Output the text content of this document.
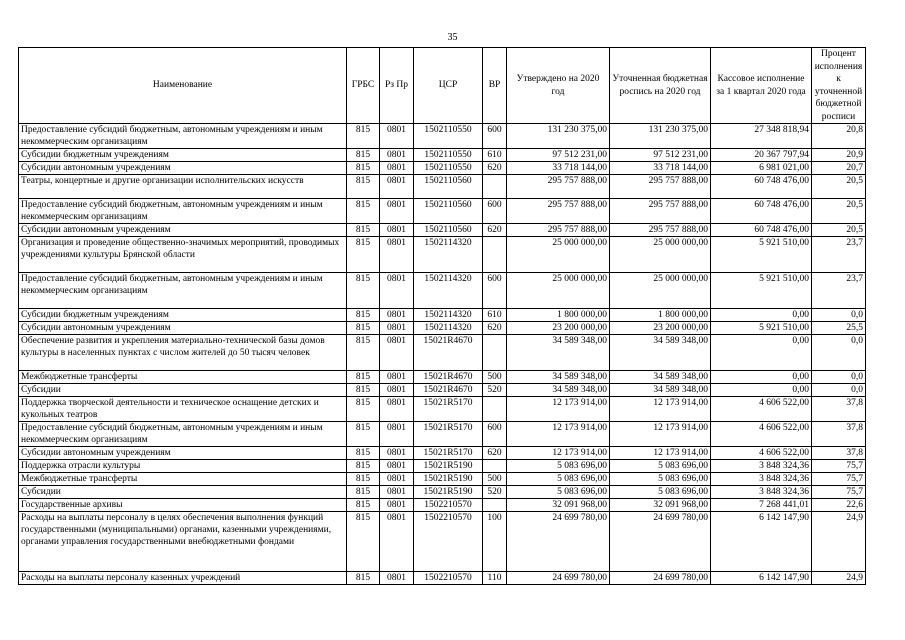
35
Наименование	ГРБС	Рз Пр	ЦСР	ВР	Утверждено на 2020 год	Уточненная бюджетная роспись на 2020 год	Кассовое исполнение за 1 квартал 2020 года	Процент исполнения к уточненной бюджетной росписи
Предоставление субсидий бюджетным, автономным учреждениям и иным некоммерческим организациям	815	0801	1502110550	600	131 230 375,00	131 230 375,00	27 348 818,94	20,8
Субсидии бюджетным учреждениям	815	0801	1502110550	610	97 512 231,00	97 512 231,00	20 367 797,94	20,9
Субсидии автономным учреждениям	815	0801	1502110550	620	33 718 144,00	33 718 144,00	6 981 021,00	20,7
Театры, концертные и другие организации исполнительских искусств	815	0801	1502110560		295 757 888,00	295 757 888,00	60 748 476,00	20,5
Предоставление субсидий бюджетным, автономным учреждениям и иным некоммерческим организациям	815	0801	1502110560	600	295 757 888,00	295 757 888,00	60 748 476,00	20,5
Субсидии автономным учреждениям	815	0801	1502110560	620	295 757 888,00	295 757 888,00	60 748 476,00	20,5
Организация и проведение общественно-значимых мероприятий, проводимых учреждениями культуры Брянской области	815	0801	1502114320		25 000 000,00	25 000 000,00	5 921 510,00	23,7
Предоставление субсидий бюджетным, автономным учреждениям и иным некоммерческим организациям	815	0801	1502114320	600	25 000 000,00	25 000 000,00	5 921 510,00	23,7
Субсидии бюджетным учреждениям	815	0801	1502114320	610	1 800 000,00	1 800 000,00	0,00	0,0
Субсидии автономным учреждениям	815	0801	1502114320	620	23 200 000,00	23 200 000,00	5 921 510,00	25,5
Обеспечение развития и укрепления материально-технической базы домов культуры в населенных пунктах с числом жителей до 50 тысяч человек	815	0801	15021R4670		34 589 348,00	34 589 348,00	0,00	0,0
Межбюджетные трансферты	815	0801	15021R4670	500	34 589 348,00	34 589 348,00	0,00	0,0
Субсидии	815	0801	15021R4670	520	34 589 348,00	34 589 348,00	0,00	0,0
Поддержка творческой деятельности и техническое оснащение детских и кукольных театров	815	0801	15021R5170		12 173 914,00	12 173 914,00	4 606 522,00	37,8
Предоставление субсидий бюджетным, автономным учреждениям и иным некоммерческим организациям	815	0801	15021R5170	600	12 173 914,00	12 173 914,00	4 606 522,00	37,8
Субсидии автономным учреждениям	815	0801	15021R5170	620	12 173 914,00	12 173 914,00	4 606 522,00	37,8
Поддержка отрасли культуры	815	0801	15021R5190		5 083 696,00	5 083 696,00	3 848 324,36	75,7
Межбюджетные трансферты	815	0801	15021R5190	500	5 083 696,00	5 083 696,00	3 848 324,36	75,7
Субсидии	815	0801	15021R5190	520	5 083 696,00	5 083 696,00	3 848 324,36	75,7
Государственные архивы	815	0801	1502210570		32 091 968,00	32 091 968,00	7 268 441,01	22,6
Расходы на выплаты персоналу в целях обеспечения выполнения функций государственными (муниципальными) органами, казенными учреждениями, органами управления государственными внебюджетными фондами	815	0801	1502210570	100	24 699 780,00	24 699 780,00	6 142 147,90	24,9
Расходы на выплаты персоналу казенных учреждений	815	0801	1502210570	110	24 699 780,00	24 699 780,00	6 142 147,90	24,9
